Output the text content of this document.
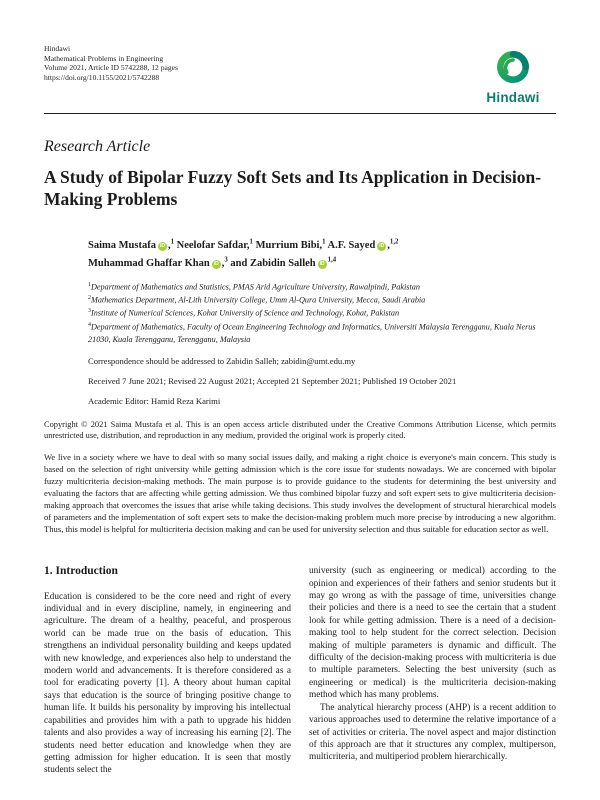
Hindawi
Mathematical Problems in Engineering
Volume 2021, Article ID 5742288, 12 pages
https://doi.org/10.1155/2021/5742288
Hindawi
Research Article
A Study of Bipolar Fuzzy Soft Sets and Its Application in Decision-Making Problems
Saima Mustafa iD ,$^1$ Neelofar Safdar,$^1$ Murrium Bibi,$^1$ A.F. Sayed iD ,$^{1,2}$
Muhammad Ghaffar Khan iD ,$^3$ and Zabidin Salleh iD$^{1,4}$
$^1$Department of Mathematics and Statistics, PMAS Arid Agriculture University, Rawalpindi, Pakistan
$^2$Mathematics Department, Al-Lith University College, Umm Al-Qura University, Mecca, Saudi Arabia
$^3$Institute of Numerical Sciences, Kohat University of Science and Technology, Kohat, Pakistan
$^4$Department of Mathematics, Faculty of Ocean Engineering Technology and Informatics, Universiti Malaysia Terengganu, Kuala Nerus 21030, Kuala Terengganu, Terengganu, Malaysia
Correspondence should be addressed to Zabidin Salleh; zabidin@umt.edu.my
Received 7 June 2021; Revised 22 August 2021; Accepted 21 September 2021; Published 19 October 2021
Academic Editor: Hamid Reza Karimi
Copyright © 2021 Saima Mustafa et al. This is an open access article distributed under the Creative Commons Attribution License, which permits unrestricted use, distribution, and reproduction in any medium, provided the original work is properly cited.
We live in a society where we have to deal with so many social issues daily, and making a right choice is everyone's main concern. This study is based on the selection of right university while getting admission which is the core issue for students nowadays. We are concerned with bipolar fuzzy multicriteria decision-making methods. The main purpose is to provide guidance to the students for determining the best university and evaluating the factors that are affecting while getting admission. We thus combined bipolar fuzzy and soft expert sets to give multicriteria decision-making approach that overcomes the issues that arise while taking decisions. This study involves the development of structural hierarchical models of parameters and the implementation of soft expert sets to make the decision-making problem much more precise by introducing a new algorithm. Thus, this model is helpful for multicriteria decision making and can be used for university selection and thus suitable for education sector as well.
1. Introduction

Education is considered to be the core need and right of every individual and in every discipline, namely, in engineering and agriculture. The dream of a healthy, peaceful, and prosperous world can be made true on the basis of education. This strengthens an individual personality building and keeps updated with new knowledge, and experiences also help to understand the modern world and advancements. It is therefore considered as a tool for eradicating poverty [1]. A theory about human capital says that education is the source of bringing positive change to human life. It builds his personality by improving his intellectual capabilities and provides him with a path to upgrade his hidden talents and also provides a way of increasing his earning [2]. The students need better education and knowledge when they are getting admission for higher education. It is seen that mostly students select the

university (such as engineering or medical) according to the opinion and experiences of their fathers and senior students but it may go wrong as with the passage of time, universities change their policies and there is a need to see the certain that a student look for while getting admission. There is a need of a decision-making tool to help student for the correct selection. Decision making of multiple parameters is dynamic and difficult. The difficulty of the decision-making process with multicriteria is due to multiple parameters. Selecting the best university (such as engineering or medical) is the multicriteria decision-making method which has many problems.

The analytical hierarchy process (AHP) is a recent addition to various approaches used to determine the relative importance of a set of activities or criteria. The novel aspect and major distinction of this approach are that it structures any complex, multiperson, multicriteria, and multiperiod problem hierarchically.
